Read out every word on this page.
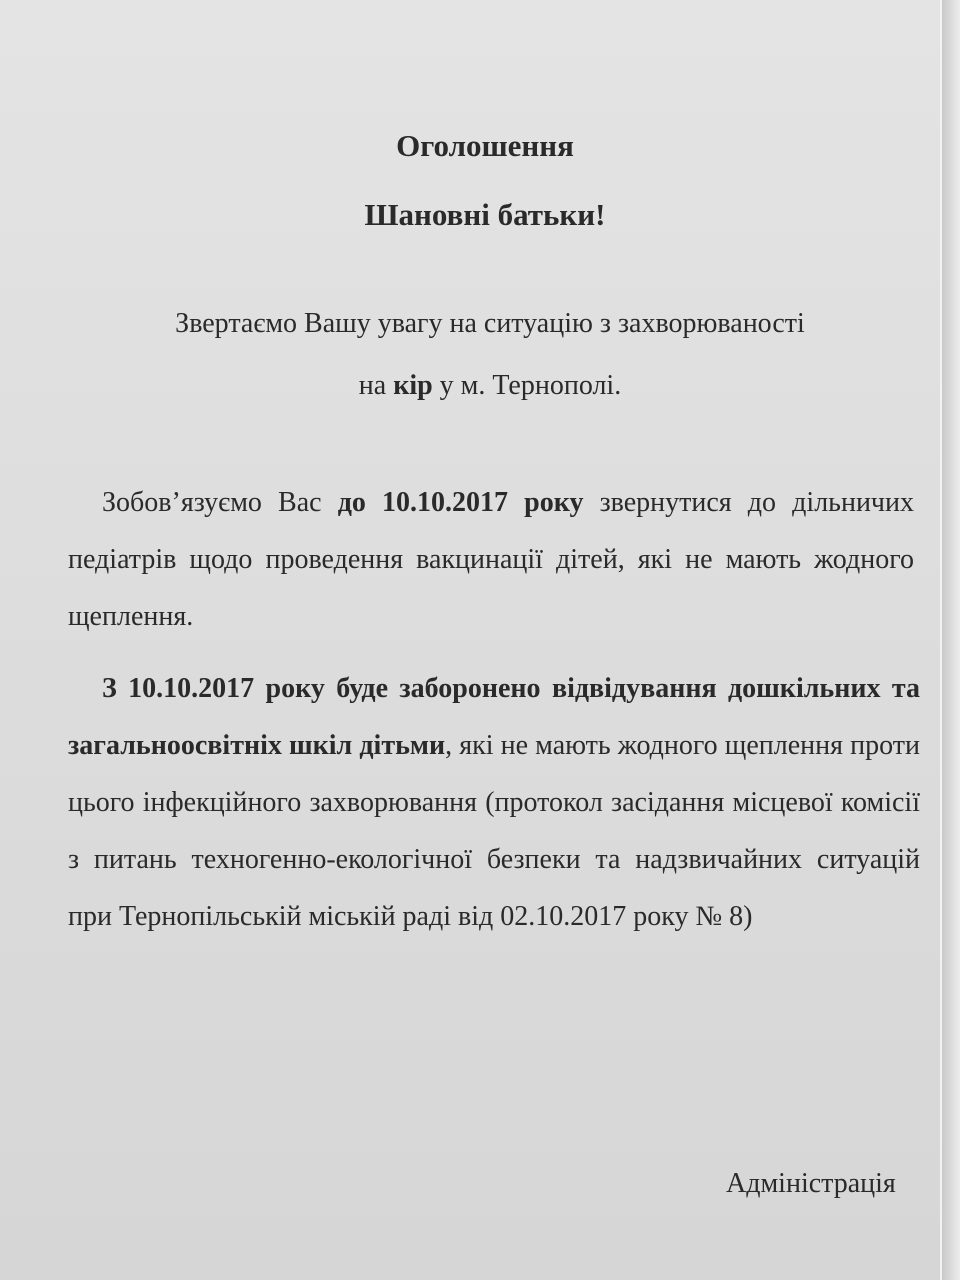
Оголошення
Шановні батьки!
Звертаємо Вашу увагу на ситуацію з захворюваності
на кір у м. Тернополі.
Зобов’язуємо Вас до 10.10.2017 року звернутися до дільничих педіатрів щодо проведення вакцинації дітей, які не мають жодного щеплення.
З 10.10.2017 року буде заборонено відвідування дошкільних та загальноосвітніх шкіл дітьми, які не мають жодного щеплення проти цього інфекційного захворювання (протокол засідання місцевої комісії з питань техногенно-екологічної безпеки та надзвичайних ситуацій при Тернопільській міській раді від 02.10.2017 року № 8)
Адміністрація
